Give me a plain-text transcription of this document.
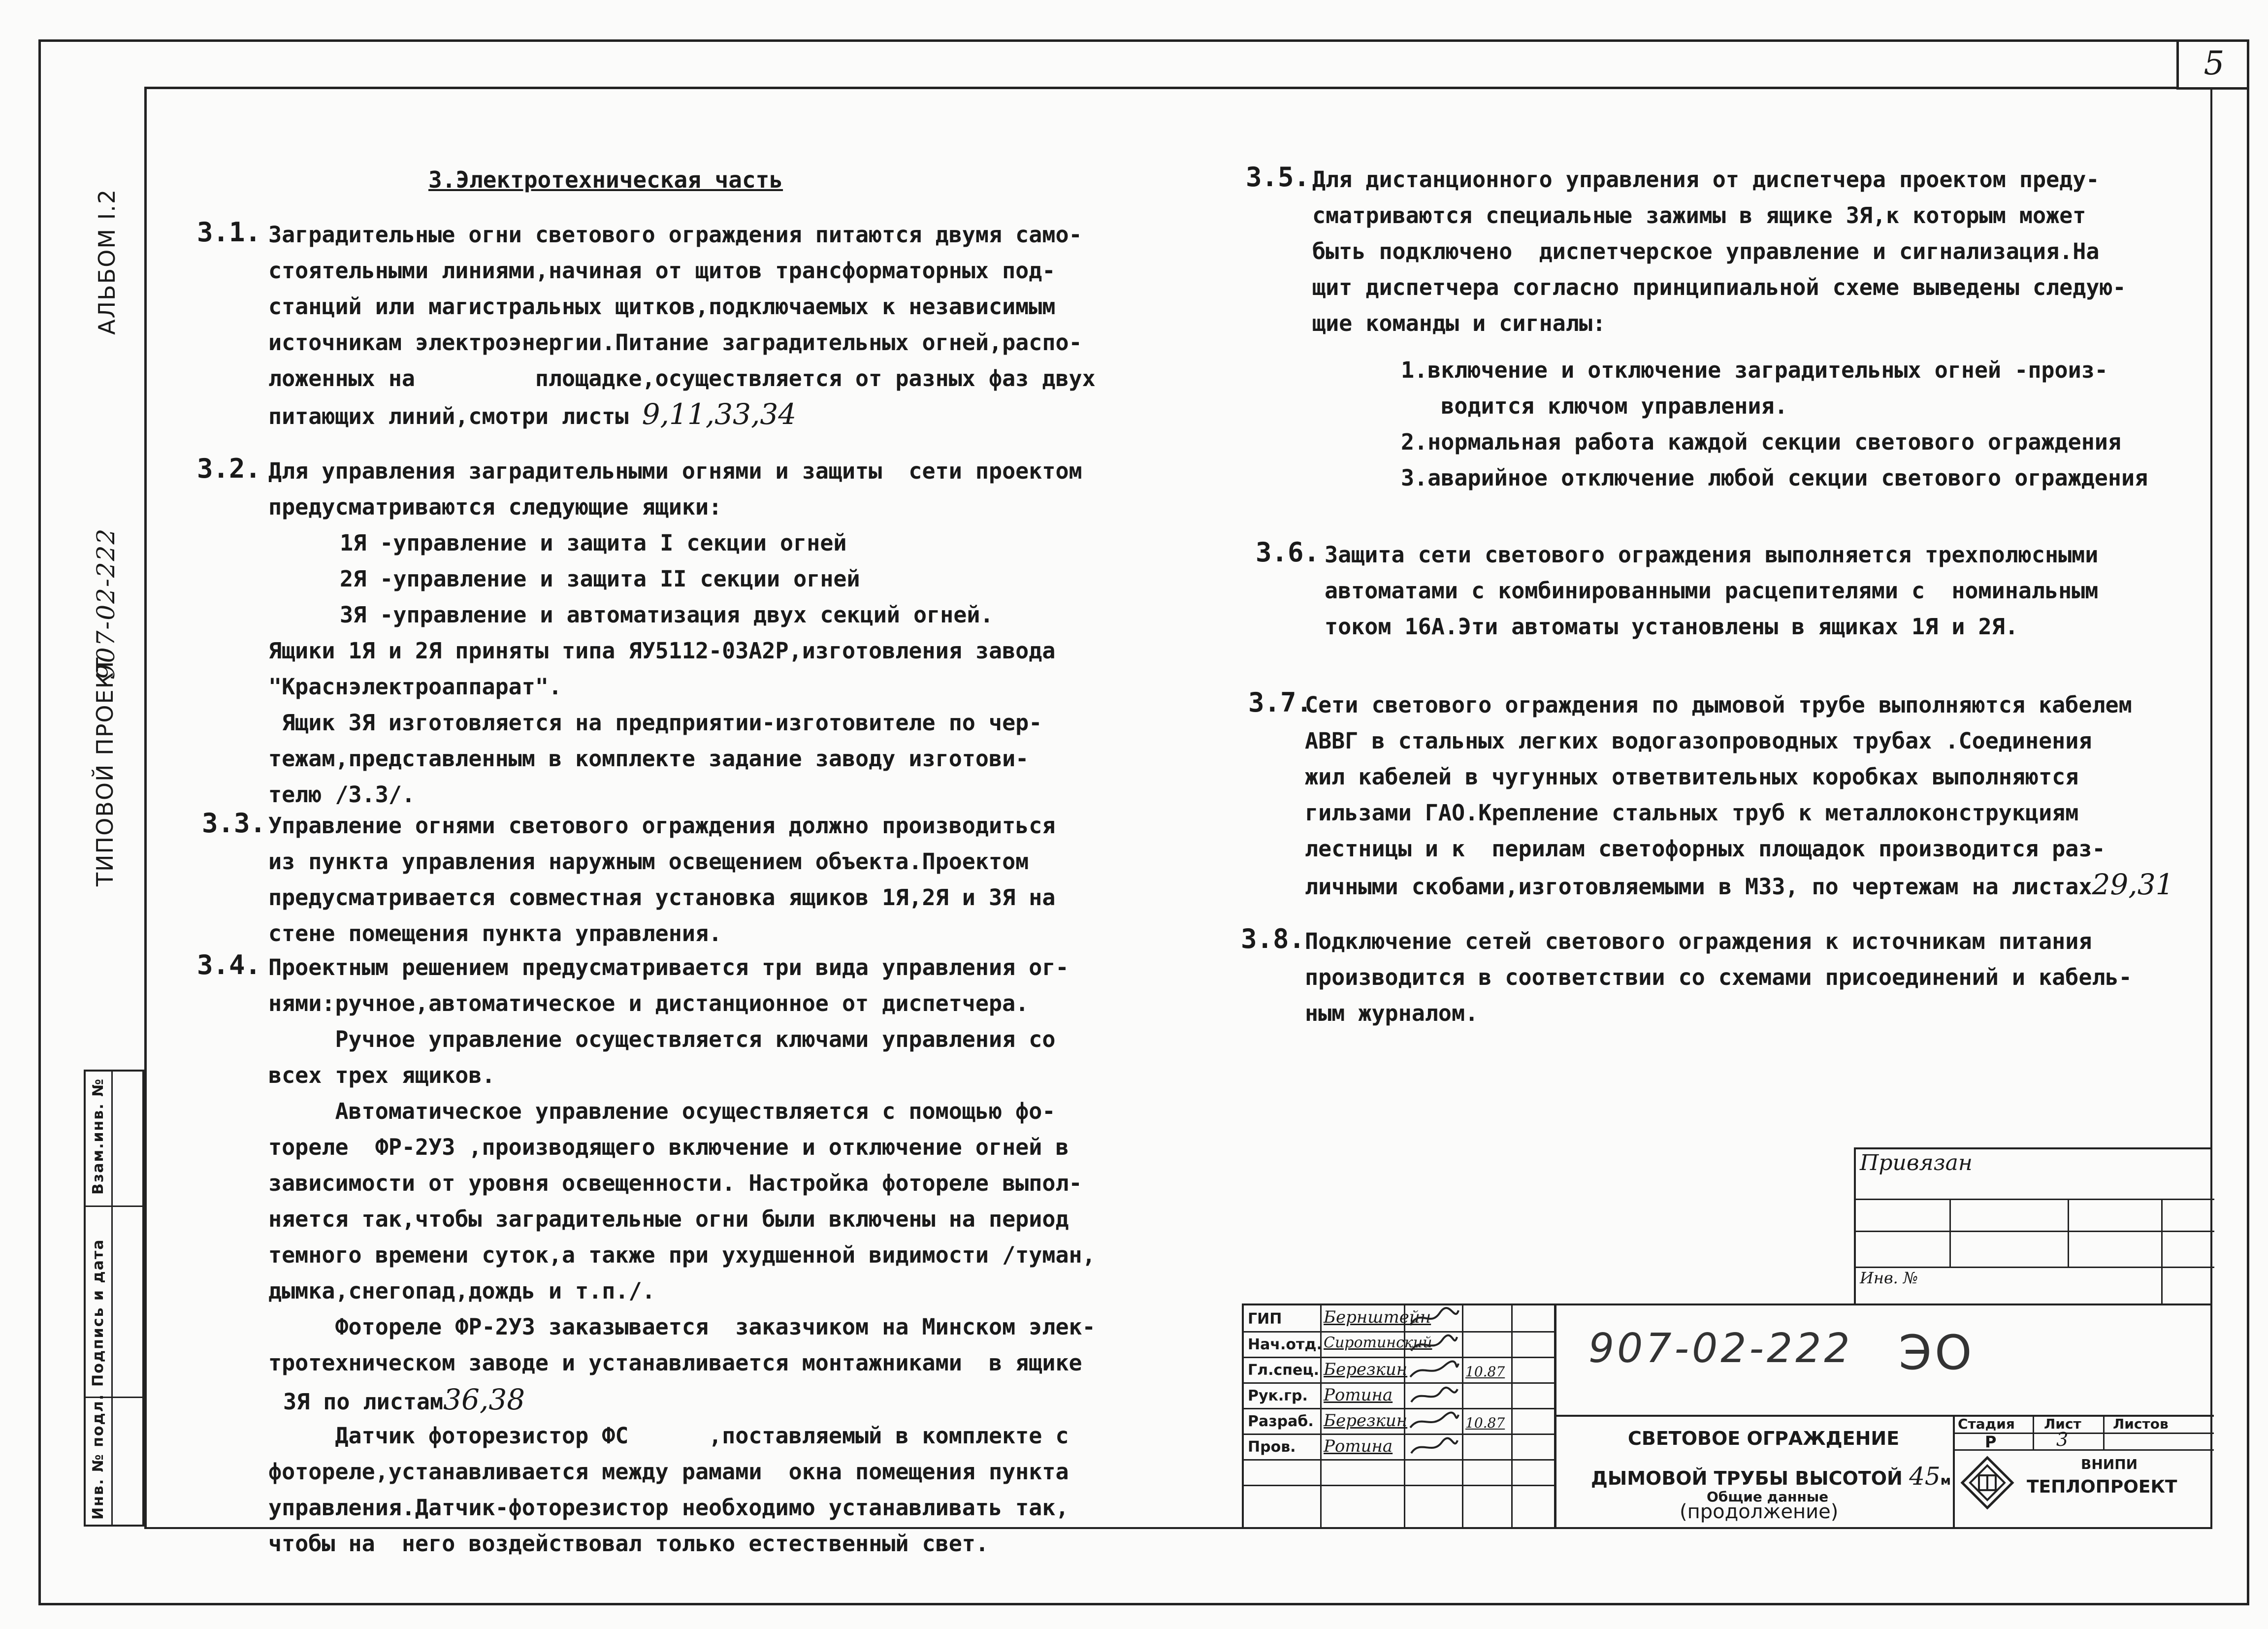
5
АЛЬБОМ I.2
ТИПОВОЙ ПРОЕКТ
907-02-222
Взам.инв. №
Подпись и дата
Инв. № подл.
3.Электротехническая часть
3.1. Заградительные огни светового ограждения питаются двумя само-
стоятельными линиями,начиная от щитов трансформаторных под-
станций или магистральных щитков,подключаемых к независимым
источникам электроэнергии.Питание заградительных огней,распо-
ложенных на         площадке,осуществляется от разных фаз двух
питающих линий,смотри листы 9,11,33,34
3.2. Для управления заградительными огнями и защиты  сети проектом
предусматриваются следующие ящики:
1Я -управление и защита I секции огней
2Я -управление и защита II секции огней
3Я -управление и автоматизация двух секций огней.
Ящики 1Я и 2Я приняты типа ЯУ5112-03А2Р,изготовления завода
"Краснэлектроаппарат".
Ящик 3Я изготовляется на предприятии-изготовителе по чер-
тежам,представленным в комплекте задание заводу изготови-
телю /3.3/.
3.3. Управление огнями светового ограждения должно производиться
из пункта управления наружным освещением объекта.Проектом
предусматривается совместная установка ящиков 1Я,2Я и 3Я на
стене помещения пункта управления.
3.4. Проектным решением предусматривается три вида управления ог-
нями:ручное,автоматическое и дистанционное от диспетчера.
Ручное управление осуществляется ключами управления со
всех трех ящиков.
Автоматическое управление осуществляется с помощью фо-
тореле  ФР-2У3 ,производящего включение и отключение огней в
зависимости от уровня освещенности. Настройка фотореле выпол-
няется так,чтобы заградительные огни были включены на период
темного времени суток,а также при ухудшенной видимости /туман,
дымка,снегопад,дождь и т.п./.
Фотореле ФР-2У3 заказывается  заказчиком на Минском элек-
тротехническом заводе и устанавливается монтажниками  в ящике
3Я по листам36,38
Датчик фоторезистор ФС      ,поставляемый в комплекте с
фотореле,устанавливается между рамами  окна помещения пункта
управления.Датчик-фоторезистор необходимо устанавливать так,
чтобы на  него воздействовал только естественный свет.
3.5. Для дистанционного управления от диспетчера проектом преду-
сматриваются специальные зажимы в ящике 3Я,к которым может
быть подключено  диспетчерское управление и сигнализация.На
щит диспетчера согласно принципиальной схеме выведены следую-
щие команды и сигналы:
1.включение и отключение заградительных огней -произ-
водится ключом управления.
2.нормальная работа каждой секции светового ограждения
3.аварийное отключение любой секции светового ограждения
3.6. Защита сети светового ограждения выполняется трехполюсными
автоматами с комбинированными расцепителями с  номинальным
током 16А.Эти автоматы установлены в ящиках 1Я и 2Я.
3.7.
Сети светового ограждения по дымовой трубе выполняются кабелем
АВВГ в стальных легких водогазопроводных трубах .Соединения
жил кабелей в чугунных ответвительных коробках выполняются
гильзами ГАО.Крепление стальных труб к металлоконструкциям
лестницы и к  перилам светофорных площадок производится раз-
личными скобами,изготовляемыми в МЗЗ, по чертежам на листах29,31
3.8. Подключение сетей светового ограждения к источникам питания
производится в соответствии со схемами присоединений и кабель-
ным журналом.
Привязан
Инв. №
ГИП
Нач.отд.
Гл.спец.
Рук.гр.
Разраб.
Пров.
Бернштейн
Сиротинский
Березкин
Ротина
Березкин
Ротина
10.87
10.87
907-02-222 ЭО
СВЕТОВОЕ ОГРАЖДЕНИЕ
ДЫМОВОЙ ТРУБЫ ВЫСОТОЙ 45м
Общие данные
(продолжение)
Стадия Лист Листов
Р	3
ВНИПИ
ТЕПЛОПРОЕКТ
